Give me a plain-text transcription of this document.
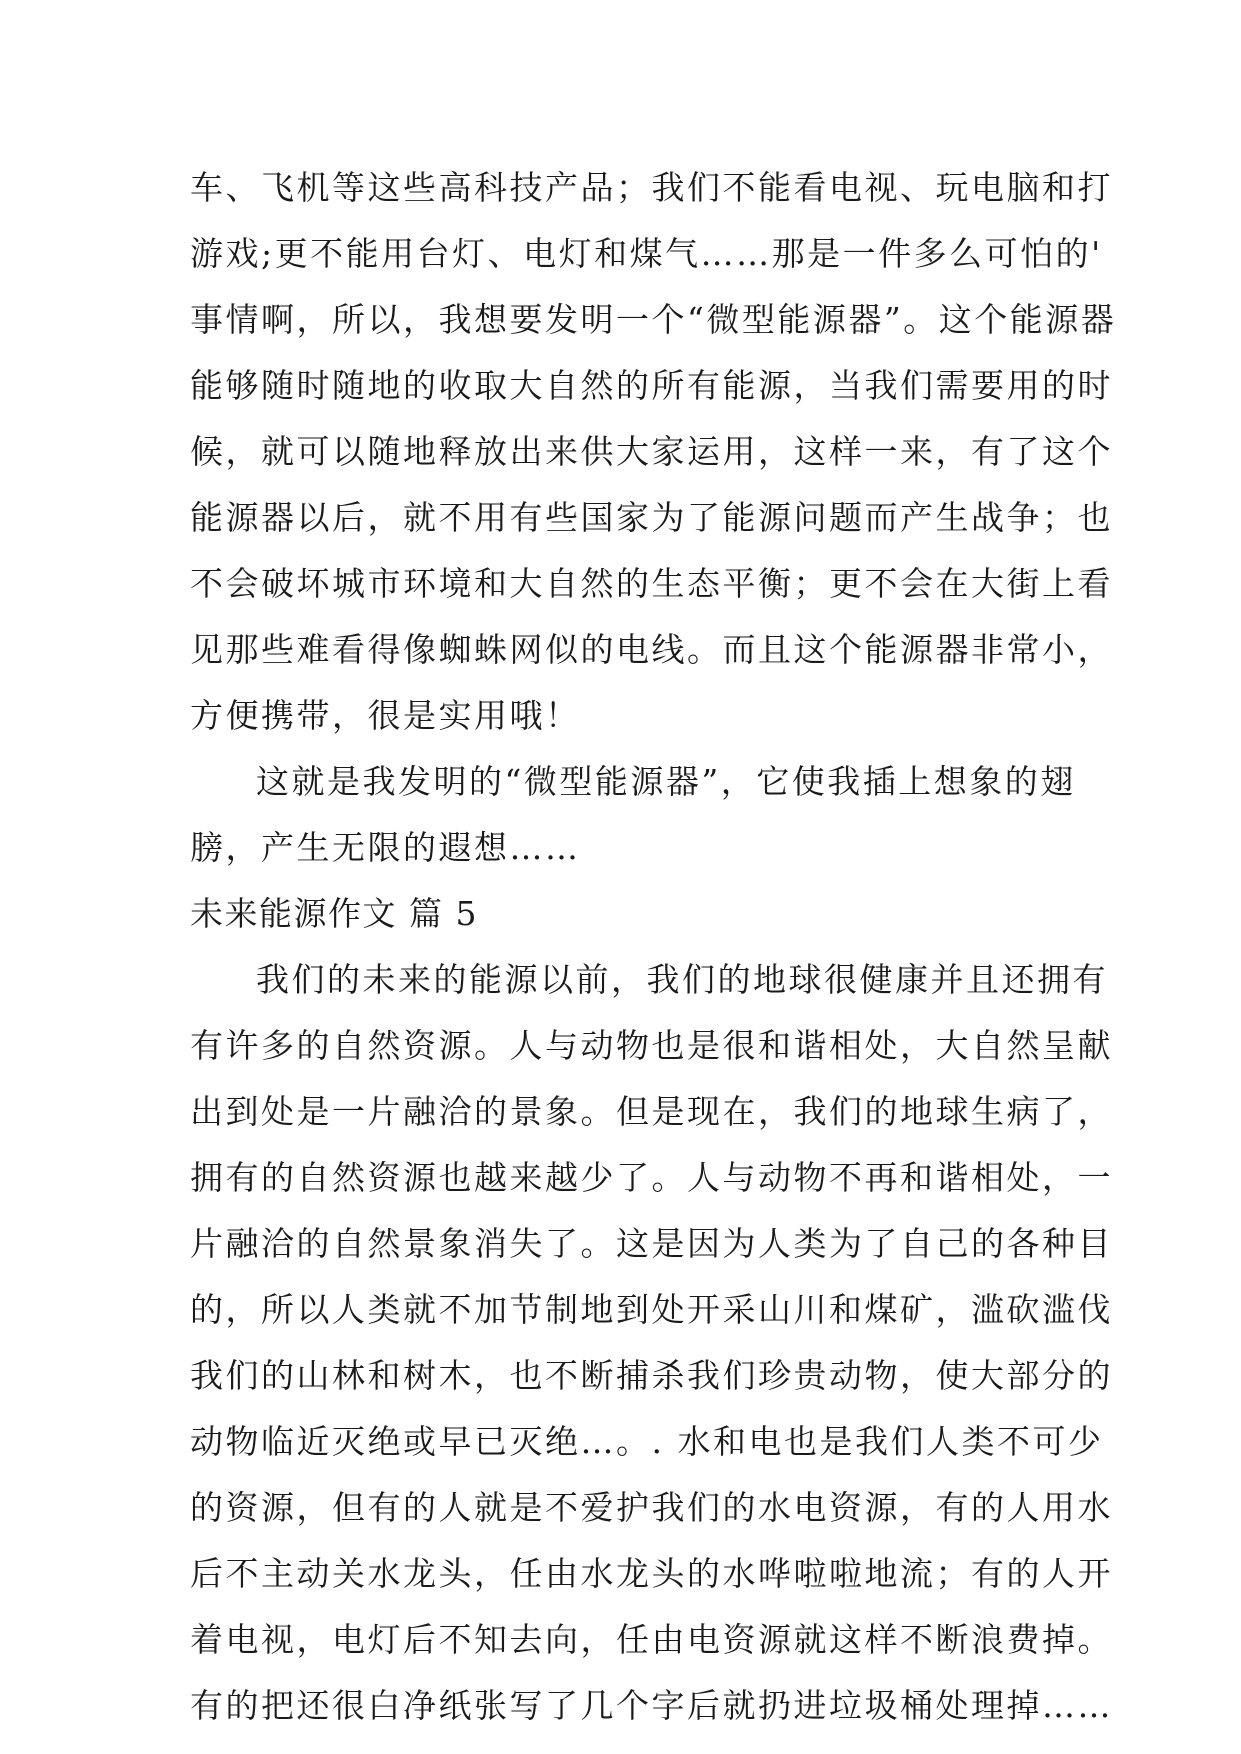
车、飞机等这些高科技产品；我们不能看电视、玩电脑和打
游戏;更不能用台灯、电灯和煤气……那是一件多么可怕的'
事情啊，所以，我想要发明一个“微型能源器”。这个能源器
能够随时随地的收取大自然的所有能源，当我们需要用的时
候，就可以随地释放出来供大家运用，这样一来，有了这个
能源器以后，就不用有些国家为了能源问题而产生战争；也
不会破坏城市环境和大自然的生态平衡；更不会在大街上看
见那些难看得像蜘蛛网似的电线。而且这个能源器非常小，
方便携带，很是实用哦！
这就是我发明的“微型能源器”，它使我插上想象的翅
膀，产生无限的遐想……
未来能源作文 篇 5
我们的未来的能源以前，我们的地球很健康并且还拥有
有许多的自然资源。人与动物也是很和谐相处，大自然呈献
出到处是一片融洽的景象。但是现在，我们的地球生病了，
拥有的自然资源也越来越少了。人与动物不再和谐相处，一
片融洽的自然景象消失了。这是因为人类为了自己的各种目
的，所以人类就不加节制地到处开采山川和煤矿，滥砍滥伐
我们的山林和树木，也不断捕杀我们珍贵动物，使大部分的
动物临近灭绝或早已灭绝…。. 水和电也是我们人类不可少
的资源，但有的人就是不爱护我们的水电资源，有的人用水
后不主动关水龙头，任由水龙头的水哗啦啦地流；有的人开
着电视，电灯后不知去向，任由电资源就这样不断浪费掉。
有的把还很白净纸张写了几个字后就扔进垃圾桶处理掉……
